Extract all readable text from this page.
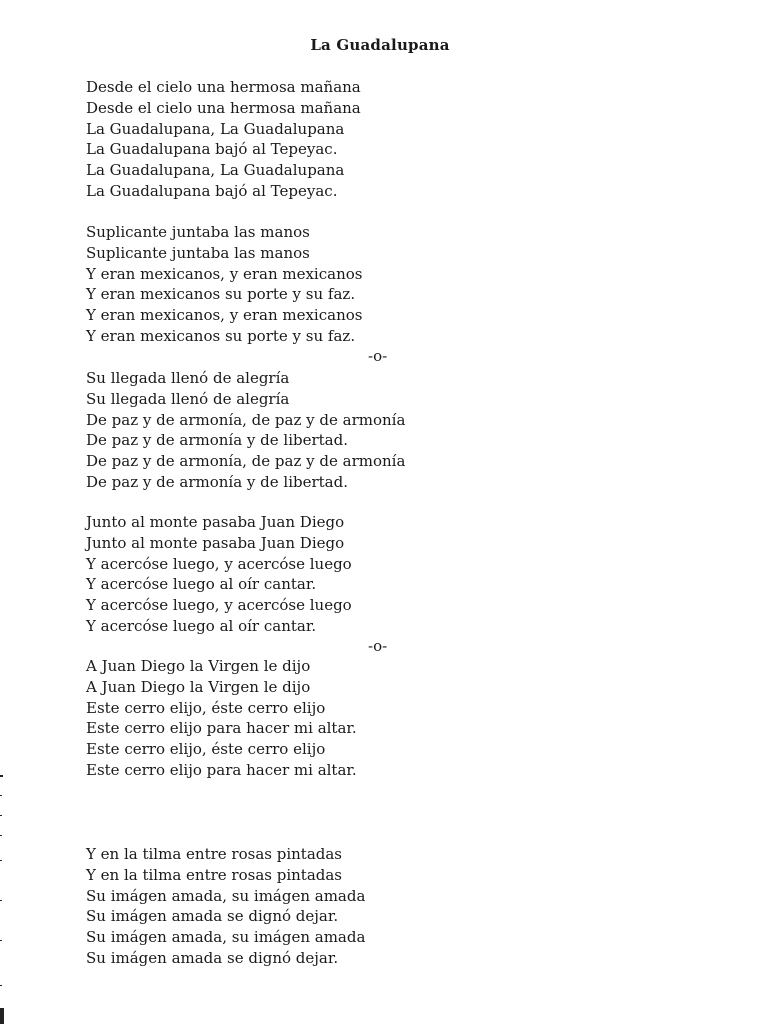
La Guadalupana
Desde el cielo una hermosa mañana
Desde el cielo una hermosa mañana
La Guadalupana, La Guadalupana
La Guadalupana bajó al Tepeyac.
La Guadalupana, La Guadalupana
La Guadalupana bajó al Tepeyac.
Suplicante juntaba las manos
Suplicante juntaba las manos
Y eran mexicanos, y eran mexicanos
Y eran mexicanos su porte y su faz.
Y eran mexicanos, y eran mexicanos
Y eran mexicanos su porte y su faz.
-o-
Su llegada llenó de alegría
Su llegada llenó de alegría
De paz y de armonía, de paz y de armonía
De paz y de armonía y de libertad.
De paz y de armonía, de paz y de armonía
De paz y de armonía y de libertad.
Junto al monte pasaba Juan Diego
Junto al monte pasaba Juan Diego
Y acercóse luego, y acercóse luego
Y acercóse luego al oír cantar.
Y acercóse luego, y acercóse luego
Y acercóse luego al oír cantar.
-o-
A Juan Diego la Virgen le dijo
A Juan Diego la Virgen le dijo
Este cerro elijo, éste cerro elijo
Este cerro elijo para hacer mi altar.
Este cerro elijo, éste cerro elijo
Este cerro elijo para hacer mi altar.
Y en la tilma entre rosas pintadas
Y en la tilma entre rosas pintadas
Su imágen amada, su imágen amada
Su imágen amada se dignó dejar.
Su imágen amada, su imágen amada
Su imágen amada se dignó dejar.
